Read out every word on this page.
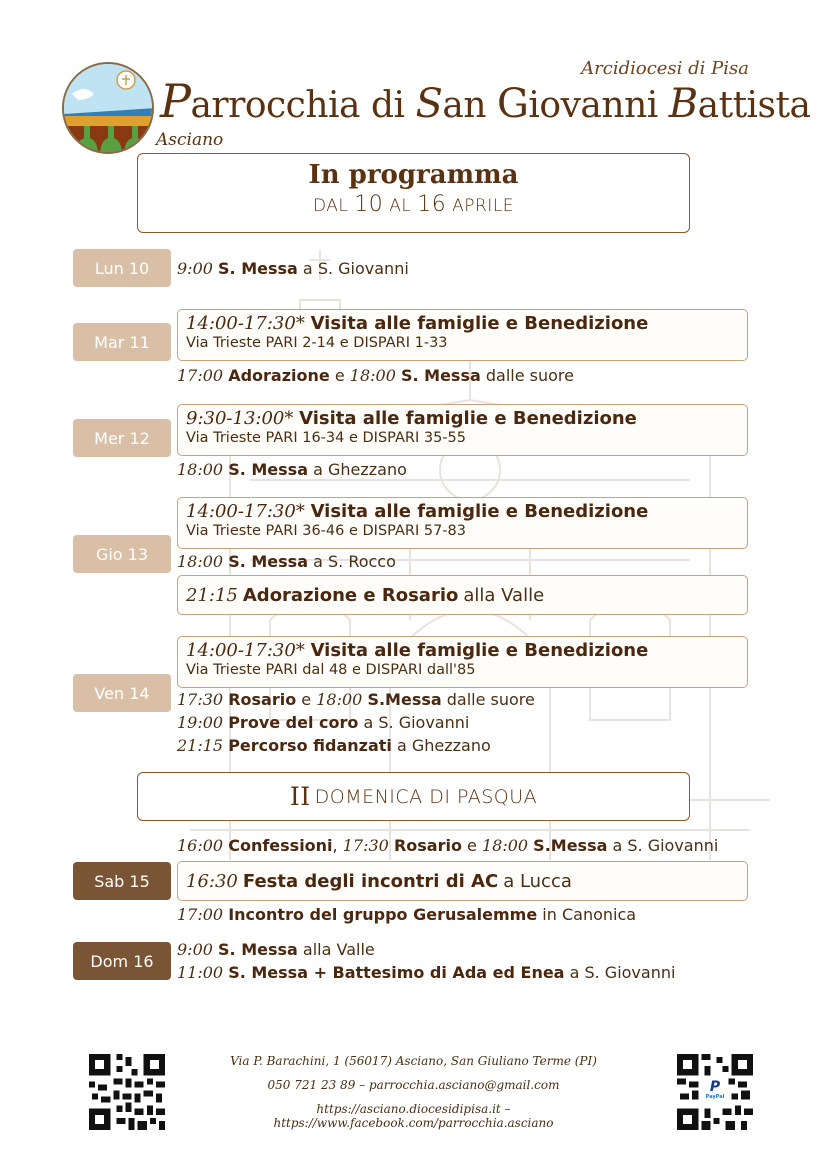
Arcidiocesi di Pisa
Parrocchia di San Giovanni Battista
Asciano
In programma
DAL 10 AL 16 APRILE
Lun 10	9:00 S. Messa a S. Giovanni
Mar 11
14:00-17:30* Visita alle famiglie e Benedizione
Via Trieste PARI 2-14 e DISPARI 1-33
17:00 Adorazione e 18:00 S. Messa dalle suore
Mer 12
9:30-13:00* Visita alle famiglie e Benedizione
Via Trieste PARI 16-34 e DISPARI 35-55
18:00 S. Messa a Ghezzano
Gio 13
14:00-17:30* Visita alle famiglie e Benedizione
Via Trieste PARI 36-46 e DISPARI 57-83
18:00 S. Messa a S. Rocco
21:15 Adorazione e Rosario alla Valle
Ven 14
14:00-17:30* Visita alle famiglie e Benedizione
Via Trieste PARI dal 48 e DISPARI dall'85
17:30 Rosario e 18:00 S.Messa dalle suore
19:00 Prove del coro a S. Giovanni
21:15 Percorso fidanzati a Ghezzano
II DOMENICA DI PASQUA
16:00 Confessioni, 17:30 Rosario e 18:00 S.Messa a S. Giovanni
Sab 15	16:30 Festa degli incontri di AC a Lucca
17:00 Incontro del gruppo Gerusalemme in Canonica
Dom 16
9:00 S. Messa alla Valle
11:00 S. Messa + Battesimo di Ada ed Enea a S. Giovanni
Via P. Barachini, 1 (56017) Asciano, San Giuliano Terme (PI)
050 721 23 89 – parrocchia.asciano@gmail.com
https://asciano.diocesidipisa.it – https://www.facebook.com/parrocchia.asciano
P
PayPal
